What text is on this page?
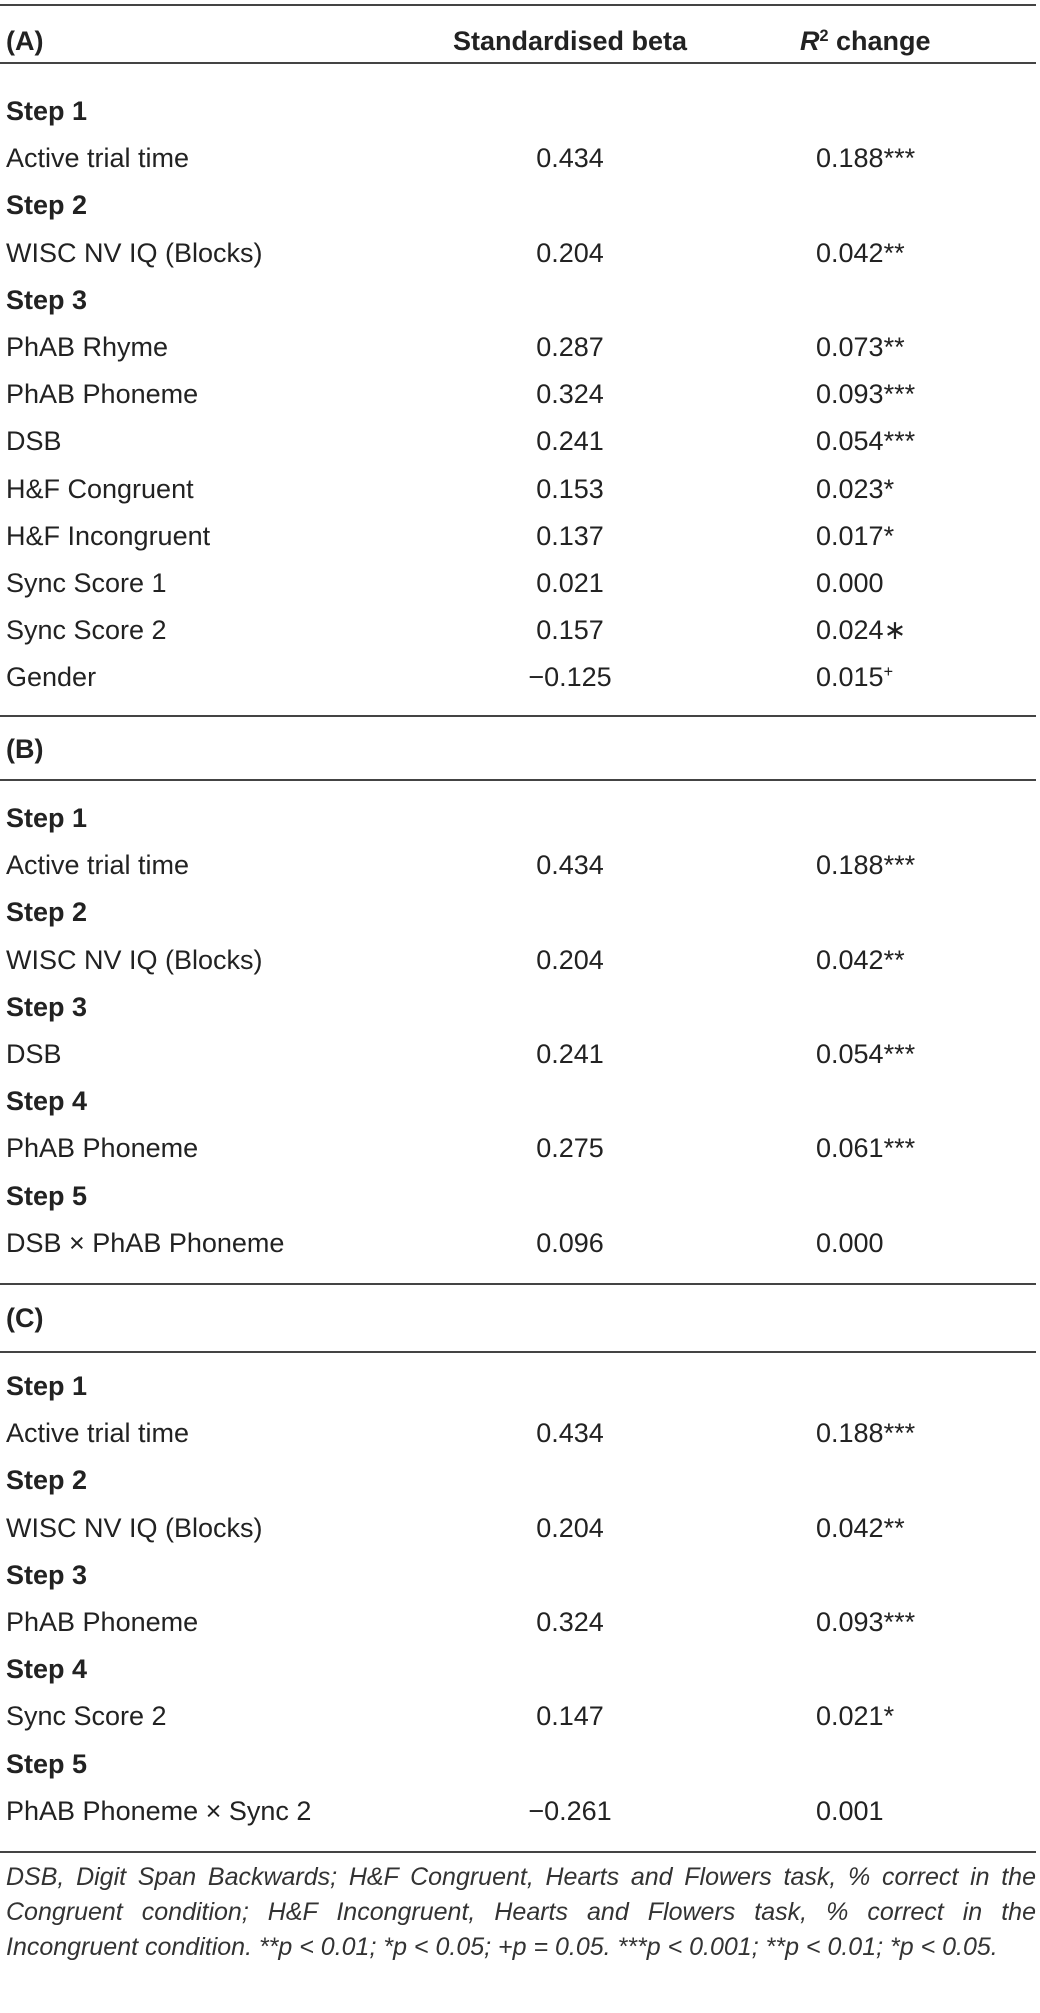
(A)	Standardised beta	$R^2$ change
Step 1
Active trial time	0.434	0.188***
Step 2
WISC NV IQ (Blocks)	0.204	0.042**
Step 3
PhAB Rhyme	0.287	0.073**
PhAB Phoneme	0.324	0.093***
DSB	0.241	0.054***
H&F Congruent	0.153	0.023*
H&F Incongruent	0.137	0.017*
Sync Score 1	0.021	0.000
Sync Score 2	0.157	0.024∗
Gender	−0.125	0.015+
(B)
Step 1
Active trial time	0.434	0.188***
Step 2
WISC NV IQ (Blocks)	0.204	0.042**
Step 3
DSB	0.241	0.054***
Step 4
PhAB Phoneme	0.275	0.061***
Step 5
DSB × PhAB Phoneme	0.096	0.000
(C)
Step 1
Active trial time	0.434	0.188***
Step 2
WISC NV IQ (Blocks)	0.204	0.042**
Step 3
PhAB Phoneme	0.324	0.093***
Step 4
Sync Score 2	0.147	0.021*
Step 5
PhAB Phoneme × Sync 2	−0.261	0.001
DSB, Digit Span Backwards; H&F Congruent, Hearts and Flowers task, % correct in the Congruent condition; H&F Incongruent, Hearts and Flowers task, % correct in the Incongruent condition. **p < 0.01; *p < 0.05; +p = 0.05. ***p < 0.001; **p < 0.01; *p < 0.05.
